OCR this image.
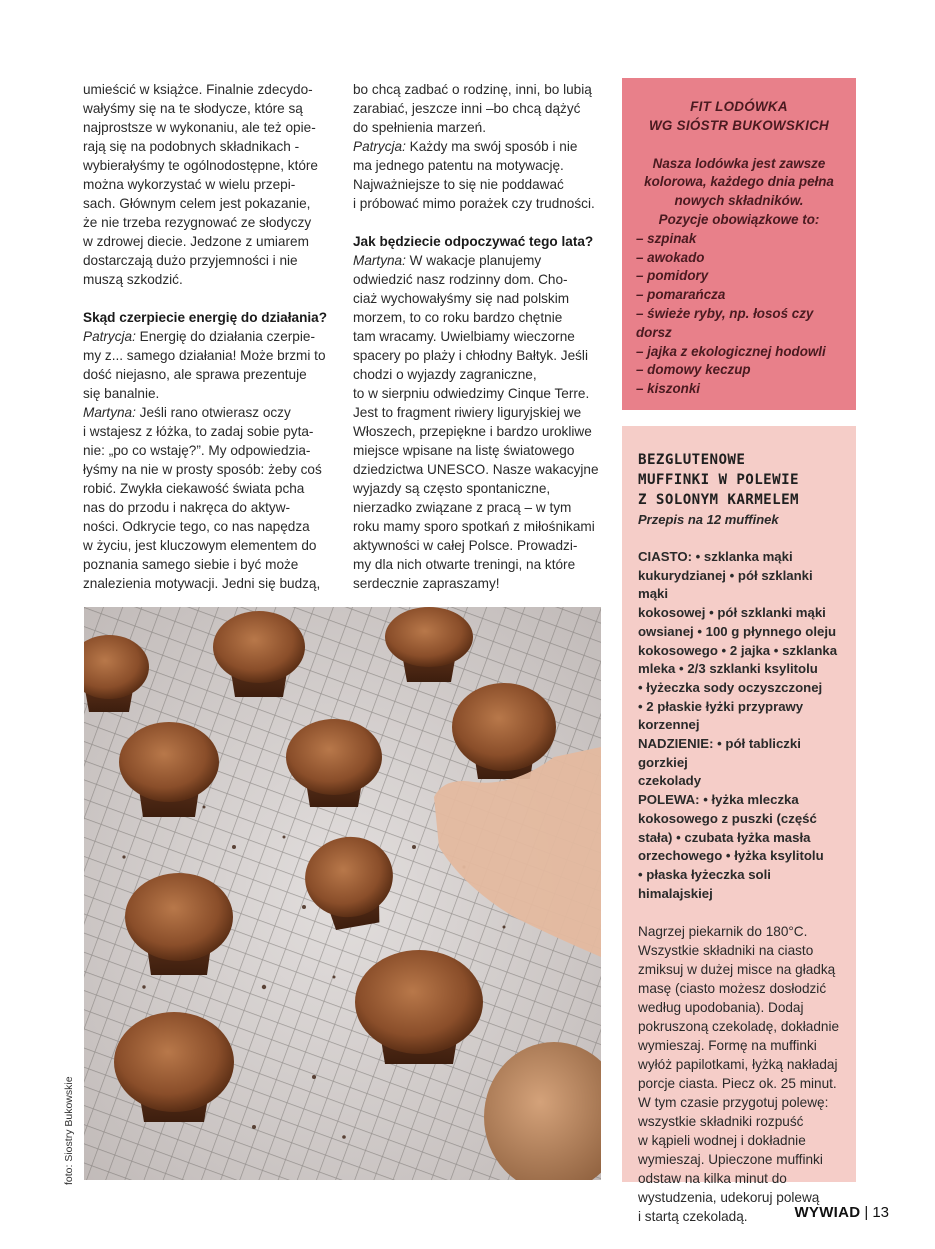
umieścić w książce. Finalnie zdecydo-

wałyśmy się na te słodycze, które są

najprostsze w wykonaniu, ale też opie-

rają się na podobnych składnikach -

wybierałyśmy te ogólnodostępne, które

można wykorzystać w wielu przepi-

sach. Głównym celem jest pokazanie,

że nie trzeba rezygnować ze słodyczy

w zdrowej diecie. Jedzone z umiarem

dostarczają dużo przyjemności i nie

muszą szkodzić.

Skąd czerpiecie energię do działania?

Patrycja: Energię do działania czerpie-

my z... samego działania! Może brzmi to

dość niejasno, ale sprawa prezentuje

się banalnie.

Martyna: Jeśli rano otwierasz oczy

i wstajesz z łóżka, to zadaj sobie pyta-

nie: „po co wstaję?”. My odpowiedzia-

łyśmy na nie w prosty sposób: żeby coś

robić. Zwykła ciekawość świata pcha

nas do przodu i nakręca do aktyw-

ności. Odkrycie tego, co nas napędza

w życiu, jest kluczowym elementem do

poznania samego siebie i być może

znalezienia motywacji. Jedni się budzą,

bo chcą zadbać o rodzinę, inni, bo lubią

zarabiać, jeszcze inni –bo chcą dążyć

do spełnienia marzeń.

Patrycja: Każdy ma swój sposób i nie

ma jednego patentu na motywację.

Najważniejsze to się nie poddawać

i próbować mimo porażek czy trudności.

Jak będziecie odpoczywać tego lata?

Martyna: W wakacje planujemy

odwiedzić nasz rodzinny dom. Cho-

ciaż wychowałyśmy się nad polskim

morzem, to co roku bardzo chętnie

tam wracamy. Uwielbiamy wieczorne

spacery po plaży i chłodny Bałtyk. Jeśli

chodzi o wyjazdy zagraniczne,

to w sierpniu odwiedzimy Cinque Terre.

Jest to fragment riwiery liguryjskiej we

Włoszech, przepiękne i bardzo urokliwe

miejsce wpisane na listę światowego

dziedzictwa UNESCO. Nasze wakacyjne

wyjazdy są często spontaniczne,

nierzadko związane z pracą – w tym

roku mamy sporo spotkań z miłośnikami

aktywności w całej Polsce. Prowadzi-

my dla nich otwarte treningi, na które

serdecznie zapraszamy!

FIT LODÓWKA
WG SIÓSTR BUKOWSKICH
Nasza lodówka jest zawsze
kolorowa, każdego dnia pełna
nowych składników.
Pozycje obowiązkowe to:
– szpinak
– awokado
– pomidory
– pomarańcza
– świeże ryby, np. łosoś czy
dorsz
– jajka z ekologicznej hodowli
– domowy keczup
– kiszonki

BEZGLUTENOWE

MUFFINKI W POLEWIE

Z SOLONYM KARMELEM

Przepis na 12 muffinek

CIASTO: • szklanka mąki
kukurydzianej • pół szklanki mąki
kokosowej • pół szklanki mąki
owsianej • 100 g płynnego oleju
kokosowego • 2 jajka • szklanka
mleka • 2/3 szklanki ksylitolu
• łyżeczka sody oczyszczonej
• 2 płaskie łyżki przyprawy
korzennej
NADZIENIE: • pół tabliczki gorzkiej
czekolady
POLEWA: • łyżka mleczka
kokosowego z puszki (część
stała) • czubata łyżka masła
orzechowego • łyżka ksylitolu
• płaska łyżeczka soli himalajskiej
Nagrzej piekarnik do 180°C.
Wszystkie składniki na ciasto
zmiksuj w dużej misce na gładką
masę (ciasto możesz dosłodzić
według upodobania). Dodaj
pokruszoną czekoladę, dokładnie
wymieszaj. Formę na muffinki
wyłóż papilotkami, łyżką nakładaj
porcje ciasta. Piecz ok. 25 minut.
W tym czasie przygotuj polewę:
wszystkie składniki rozpuść
w kąpieli wodnej i dokładnie
wymieszaj. Upieczone muffinki
odstaw na kilka minut do
wystudzenia, udekoruj polewą
i startą czekoladą.
foto: Siostry Bukowskie
WYWIAD | 13
